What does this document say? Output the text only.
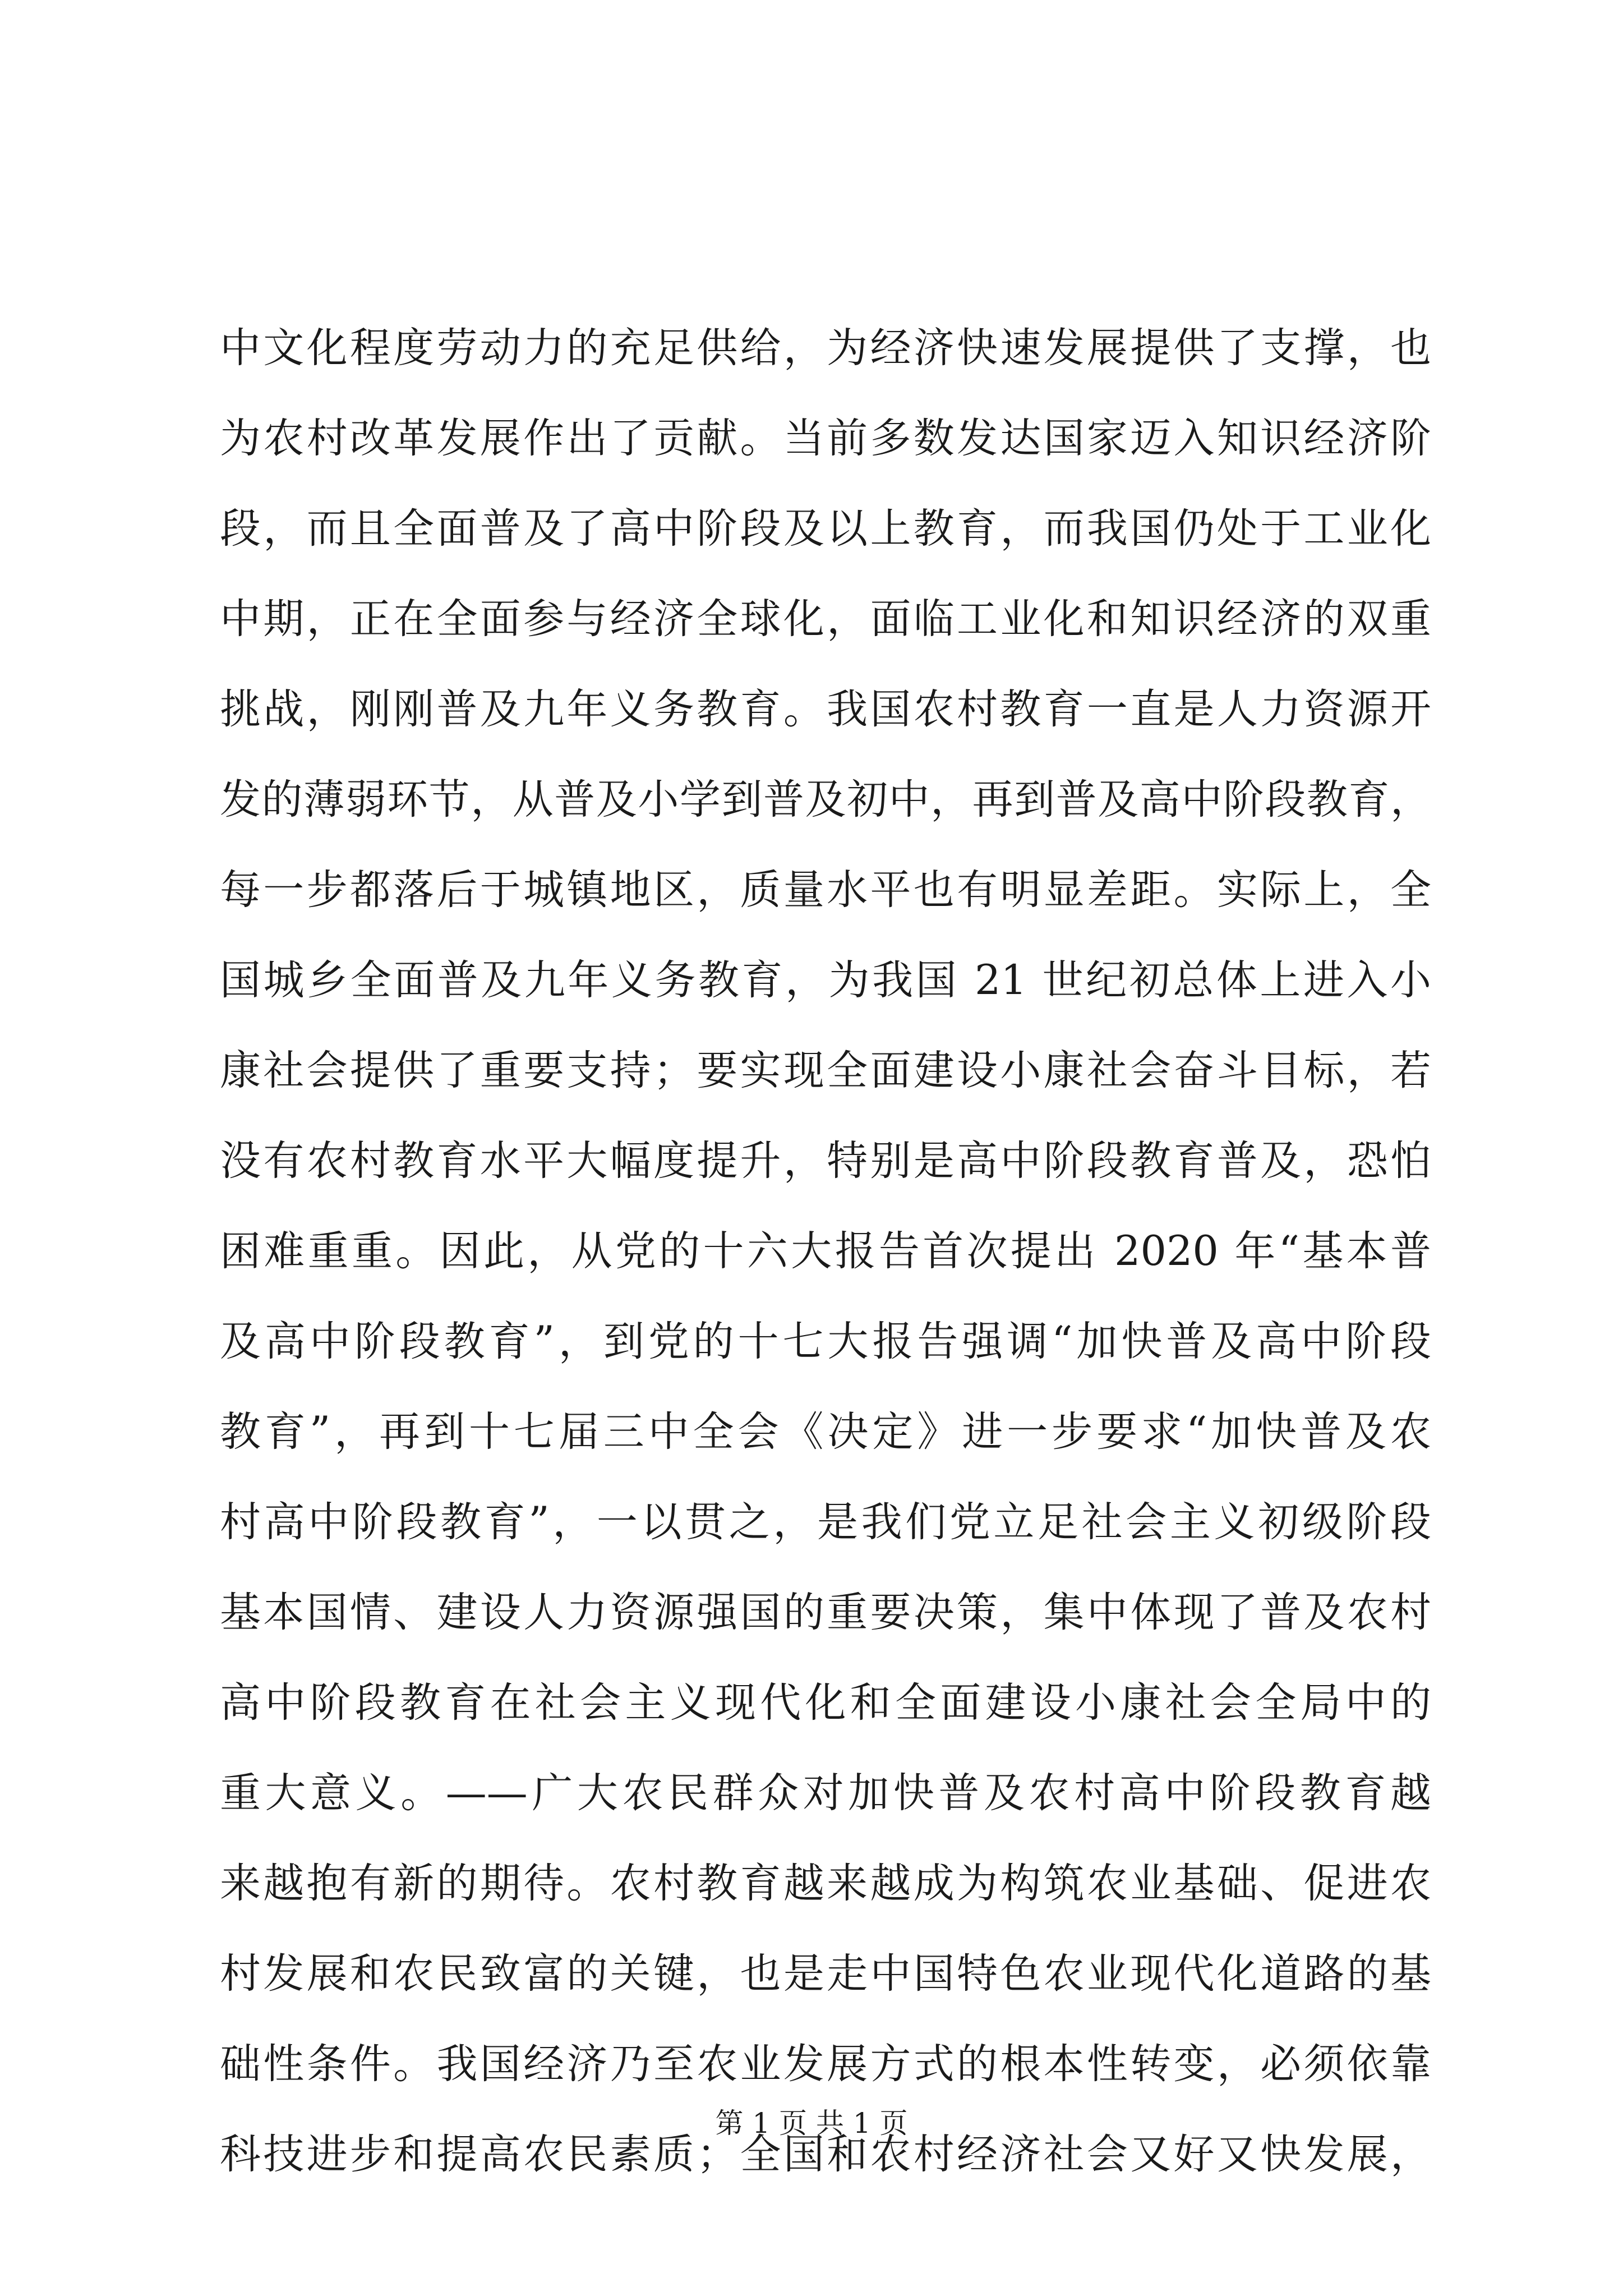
中文化程度劳动力的充足供给，为经济快速发展提供了支撑，也
为农村改革发展作出了贡献。当前多数发达国家迈入知识经济阶
段，而且全面普及了高中阶段及以上教育，而我国仍处于工业化
中期，正在全面参与经济全球化，面临工业化和知识经济的双重
挑战，刚刚普及九年义务教育。我国农村教育一直是人力资源开
发的薄弱环节，从普及小学到普及初中，再到普及高中阶段教育，
每一步都落后于城镇地区，质量水平也有明显差距。实际上，全
国城乡全面普及九年义务教育，为我国 21 世纪初总体上进入小
康社会提供了重要支持；要实现全面建设小康社会奋斗目标，若
没有农村教育水平大幅度提升，特别是高中阶段教育普及，恐怕
困难重重。因此，从党的十六大报告首次提出 2020 年“基本普
及高中阶段教育”，到党的十七大报告强调“加快普及高中阶段
教育”，再到十七届三中全会《决定》进一步要求“加快普及农
村高中阶段教育”，一以贯之，是我们党立足社会主义初级阶段
基本国情、建设人力资源强国的重要决策，集中体现了普及农村
高中阶段教育在社会主义现代化和全面建设小康社会全局中的
重大意义。——广大农民群众对加快普及农村高中阶段教育越
来越抱有新的期待。农村教育越来越成为构筑农业基础、促进农
村发展和农民致富的关键，也是走中国特色农业现代化道路的基
础性条件。我国经济乃至农业发展方式的根本性转变，必须依靠
科技进步和提高农民素质；全国和农村经济社会又好又快发展，
第 1 页 共 1 页
